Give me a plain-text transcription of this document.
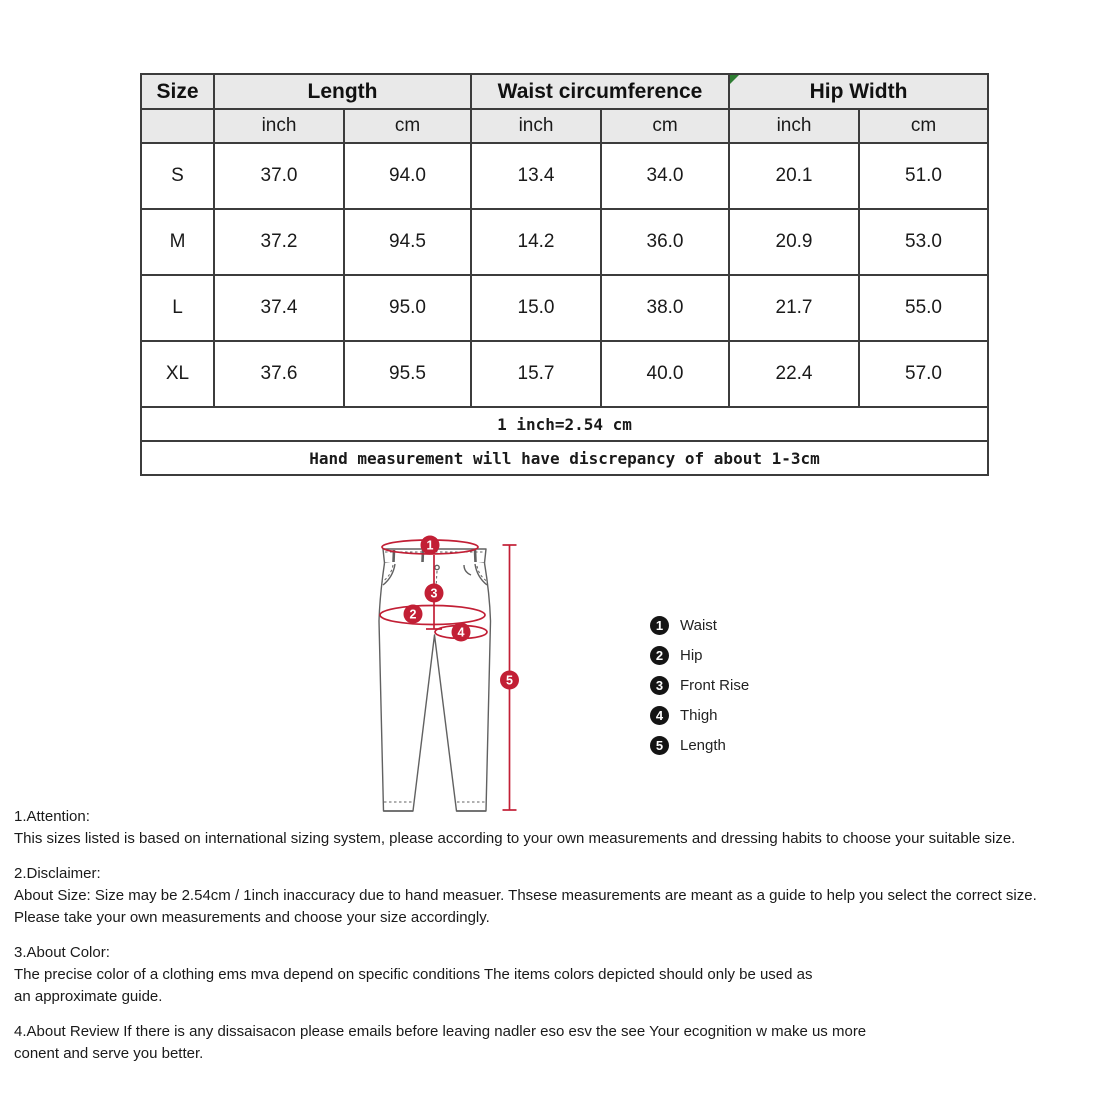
Size	Length		Waist circumference		Hip Width	
	inch	cm	inch	cm	inch	cm
S	37.0	94.0	13.4	34.0	20.1	51.0
M	37.2	94.5	14.2	36.0	20.9	53.0
L	37.4	95.0	15.0	38.0	21.7	55.0
XL	37.6	95.5	15.7	40.0	22.4	57.0
1 inch=2.54 cm						
Hand measurement will have discrepancy of about 1-3cm						
1
2
3
4
5
1	Waist
2	Hip
3	Front Rise
4	Thigh
5	Length
1.Attention:
This sizes listed is based on international sizing system, please according to your own measurements and dressing habits to choose your suitable size.
2.Disclaimer:
About Size: Size may be 2.54cm / 1inch inaccuracy due to hand measuer. Thsese measurements are meant as a guide to help you select the correct size.
Please take your own measurements and choose your size accordingly.
3.About Color:
The precise color of a clothing ems mva depend on specific conditions The items colors depicted should only be used as
an approximate guide.
4.About Review If there is any dissaisacon please emails before leaving nadler eso esv the see Your ecognition w make us more
conent and serve you better.
